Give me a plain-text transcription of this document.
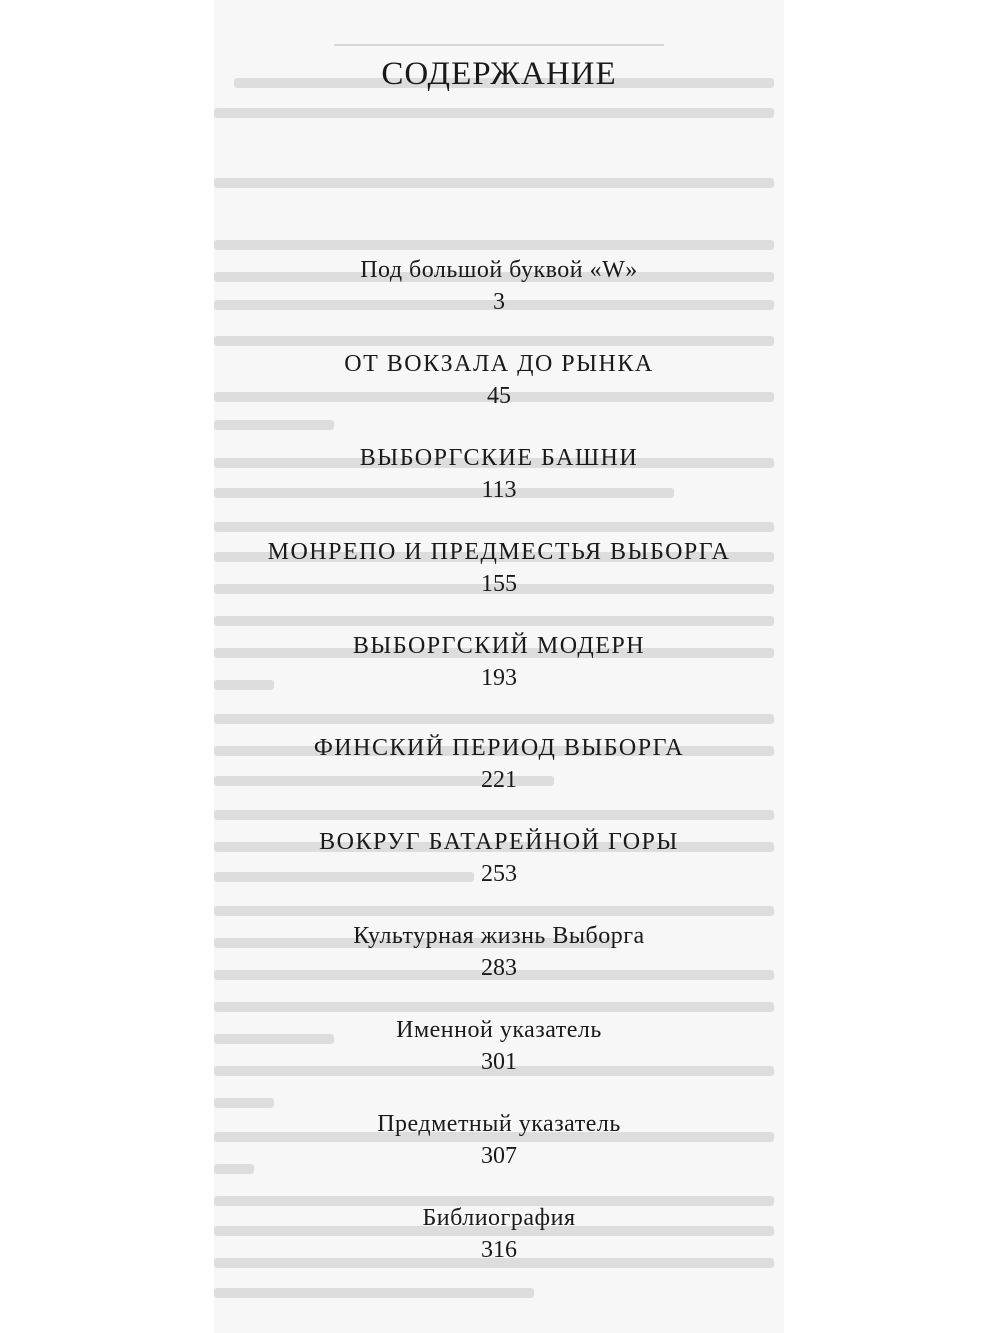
СОДЕРЖАНИЕ
Под большой буквой «W»
3
ОТ ВОКЗАЛА ДО РЫНКА
45
ВЫБОРГСКИЕ БАШНИ
113
МОНРЕПО И ПРЕДМЕСТЬЯ ВЫБОРГА
155
ВЫБОРГСКИЙ МОДЕРН
193
ФИНСКИЙ ПЕРИОД ВЫБОРГА
221
ВОКРУГ БАТАРЕЙНОЙ ГОРЫ
253
Культурная жизнь Выборга
283
Именной указатель
301
Предметный указатель
307
Библиография
316
